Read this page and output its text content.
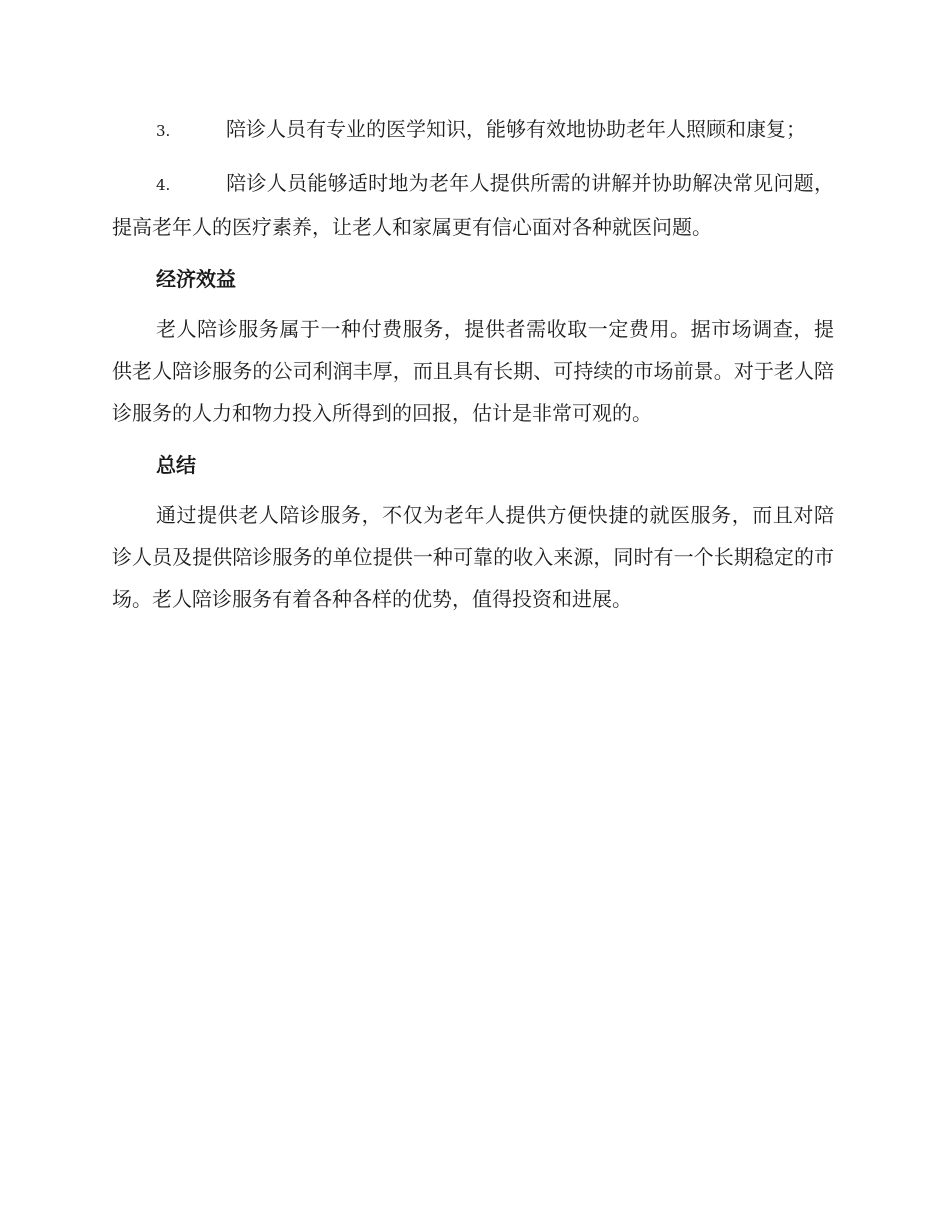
3.	陪诊人员有专业的医学知识，能够有效地协助老年人照顾和康复；

4.	陪诊人员能够适时地为老年人提供所需的讲解并协助解决常见问题，提高老年人的医疗素养，让老人和家属更有信心面对各种就医问题。

经济效益

老人陪诊服务属于一种付费服务，提供者需收取一定费用。据市场调查，提供老人陪诊服务的公司利润丰厚，而且具有长期、可持续的市场前景。对于老人陪诊服务的人力和物力投入所得到的回报，估计是非常可观的。

总结

通过提供老人陪诊服务，不仅为老年人提供方便快捷的就医服务，而且对陪诊人员及提供陪诊服务的单位提供一种可靠的收入来源，同时有一个长期稳定的市场。老人陪诊服务有着各种各样的优势，值得投资和进展。
